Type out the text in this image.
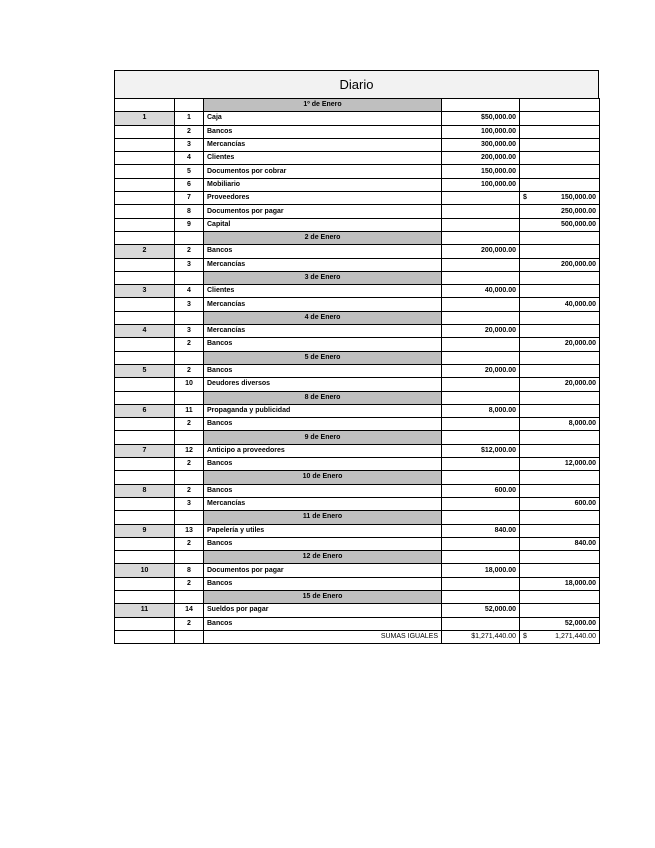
Diario
		1º de Enero		
1	1	Caja	$50,000.00	

	2	Bancos	100,000.00	

	3	Mercancías	300,000.00	

	4	Clientes	200,000.00	

	5	Documentos por cobrar	150,000.00	

	6	Mobiliario	100,000.00	

	7	Proveedores		$ 150,000.00
	8	Documentos por pagar		250,000.00
	9	Capital		500,000.00
		2 de Enero		
2	2	Bancos	200,000.00	

	3	Mercancías		200,000.00
		3 de Enero		
3	4	Clientes	40,000.00	

	3	Mercancías		40,000.00
		4 de Enero		
4	3	Mercancías	20,000.00	

	2	Bancos		20,000.00
		5 de Enero		
5	2	Bancos	20,000.00	

	10	Deudores diversos		20,000.00
		8 de Enero		
6	11	Propaganda y publicidad	8,000.00	

	2	Bancos		8,000.00
		9 de Enero		
7	12	Anticipo a proveedores	$12,000.00	

	2	Bancos		12,000.00
		10 de Enero		
8	2	Bancos	600.00	

	3	Mercancías		600.00
		11 de Enero		
9	13	Papelería y utiles	840.00	

	2	Bancos		840.00
		12 de Enero		
10	8	Documentos por pagar	18,000.00	

	2	Bancos		18,000.00
		15 de Enero		
11	14	Sueldos por pagar	52,000.00	

	2	Bancos		52,000.00
		SUMAS IGUALES	$1,271,440.00	$ 1,271,440.00
